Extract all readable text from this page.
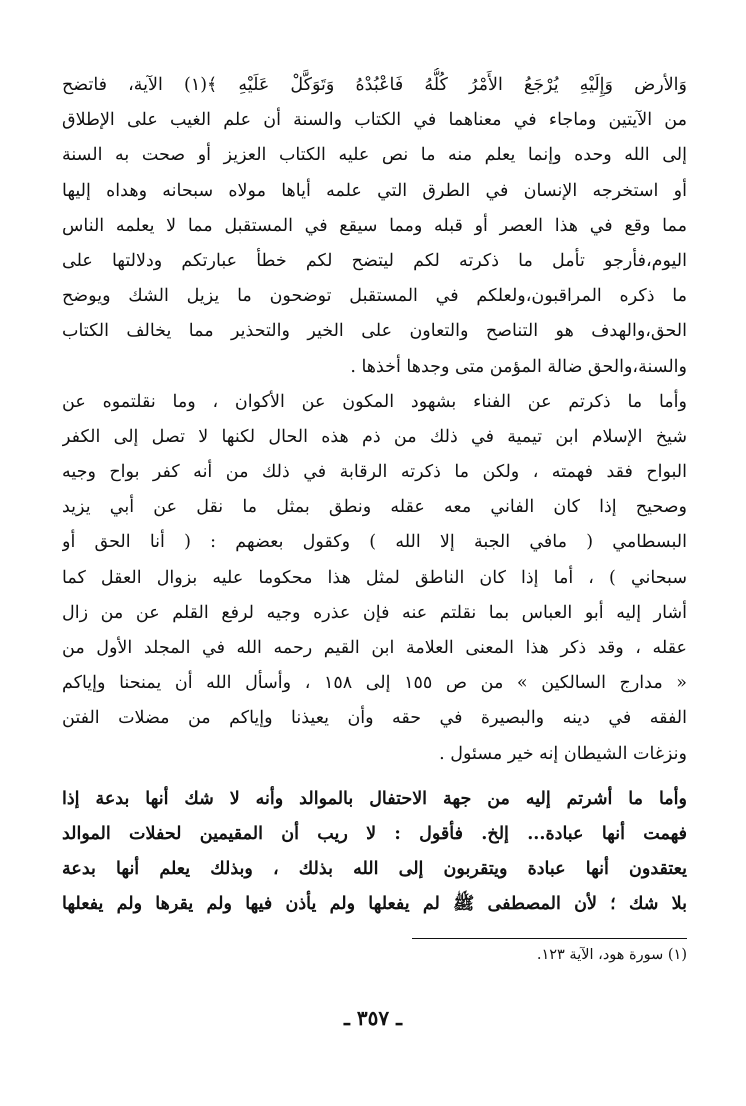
وَالأرض وَإِلَيْهِ يُرْجَعُ الأَمْرُ كُلُّهُ فَاعْبُدْهُ وَتَوَكَّلْ عَلَيْهِ ﴾(١) الآية، فاتضح
من الآيتين وماجاء في معناهما في الكتاب والسنة أن علم الغيب على الإطلاق
إلى الله وحده وإنما يعلم منه ما نص عليه الكتاب العزيز أو صحت به السنة
أو استخرجه الإنسان في الطرق التي علمه أياها مولاه سبحانه وهداه إليها
مما وقع في هذا العصر أو قبله ومما سيقع في المستقبل مما لا يعلمه الناس
اليوم،فأرجو تأمل ما ذكرته لكم ليتضح لكم خطأ عبارتكم ودلالتها على
ما ذكره المراقبون،ولعلكم في المستقبل توضحون ما يزيل الشك ويوضح
الحق،والهدف هو التناصح والتعاون على الخير والتحذير مما يخالف الكتاب
والسنة،والحق ضالة المؤمن متى وجدها أخذها .
وأما ما ذكرتم عن الفناء بشهود المكون عن الأكوان ، وما نقلتموه عن
شيخ الإسلام ابن تيمية في ذلك من ذم هذه الحال لكنها لا تصل إلى الكفر
البواح فقد فهمته ، ولكن ما ذكرته الرقابة في ذلك من أنه كفر بواح وجيه
وصحيح إذا كان الفاني معه عقله ونطق بمثل ما نقل عن أبي يزيد
البسطامي ( مافي الجبة إلا الله ) وكقول بعضهم : ( أنا الحق أو
سبحاني ) ، أما إذا كان الناطق لمثل هذا محكوما عليه بزوال العقل كما
أشار إليه أبو العباس بما نقلتم عنه فإن عذره وجيه لرفع القلم عن من زال
عقله ، وقد ذكر هذا المعنى العلامة ابن القيم رحمه الله في المجلد الأول من
« مدارج السالكين » من ص ١٥٥ إلى ١٥٨ ، وأسأل الله أن يمنحنا وإياكم
الفقه في دينه والبصيرة في حقه وأن يعيذنا وإياكم من مضلات الفتن
ونزغات الشيطان إنه خير مسئول .
وأما ما أشرتم إليه من جهة الاحتفال بالموالد وأنه لا شك أنها بدعة إذا
فهمت أنها عبادة... إلخ. فأقول : لا ريب أن المقيمين لحفلات الموالد
يعتقدون أنها عبادة ويتقربون إلى الله بذلك ، وبذلك يعلم أنها بدعة
بلا شك ؛ لأن المصطفى ﷺ لم يفعلها ولم يأذن فيها ولم يقرها ولم يفعلها
(١) سورة هود، الآية ١٢٣.
ـ ٣٥٧ ـ
